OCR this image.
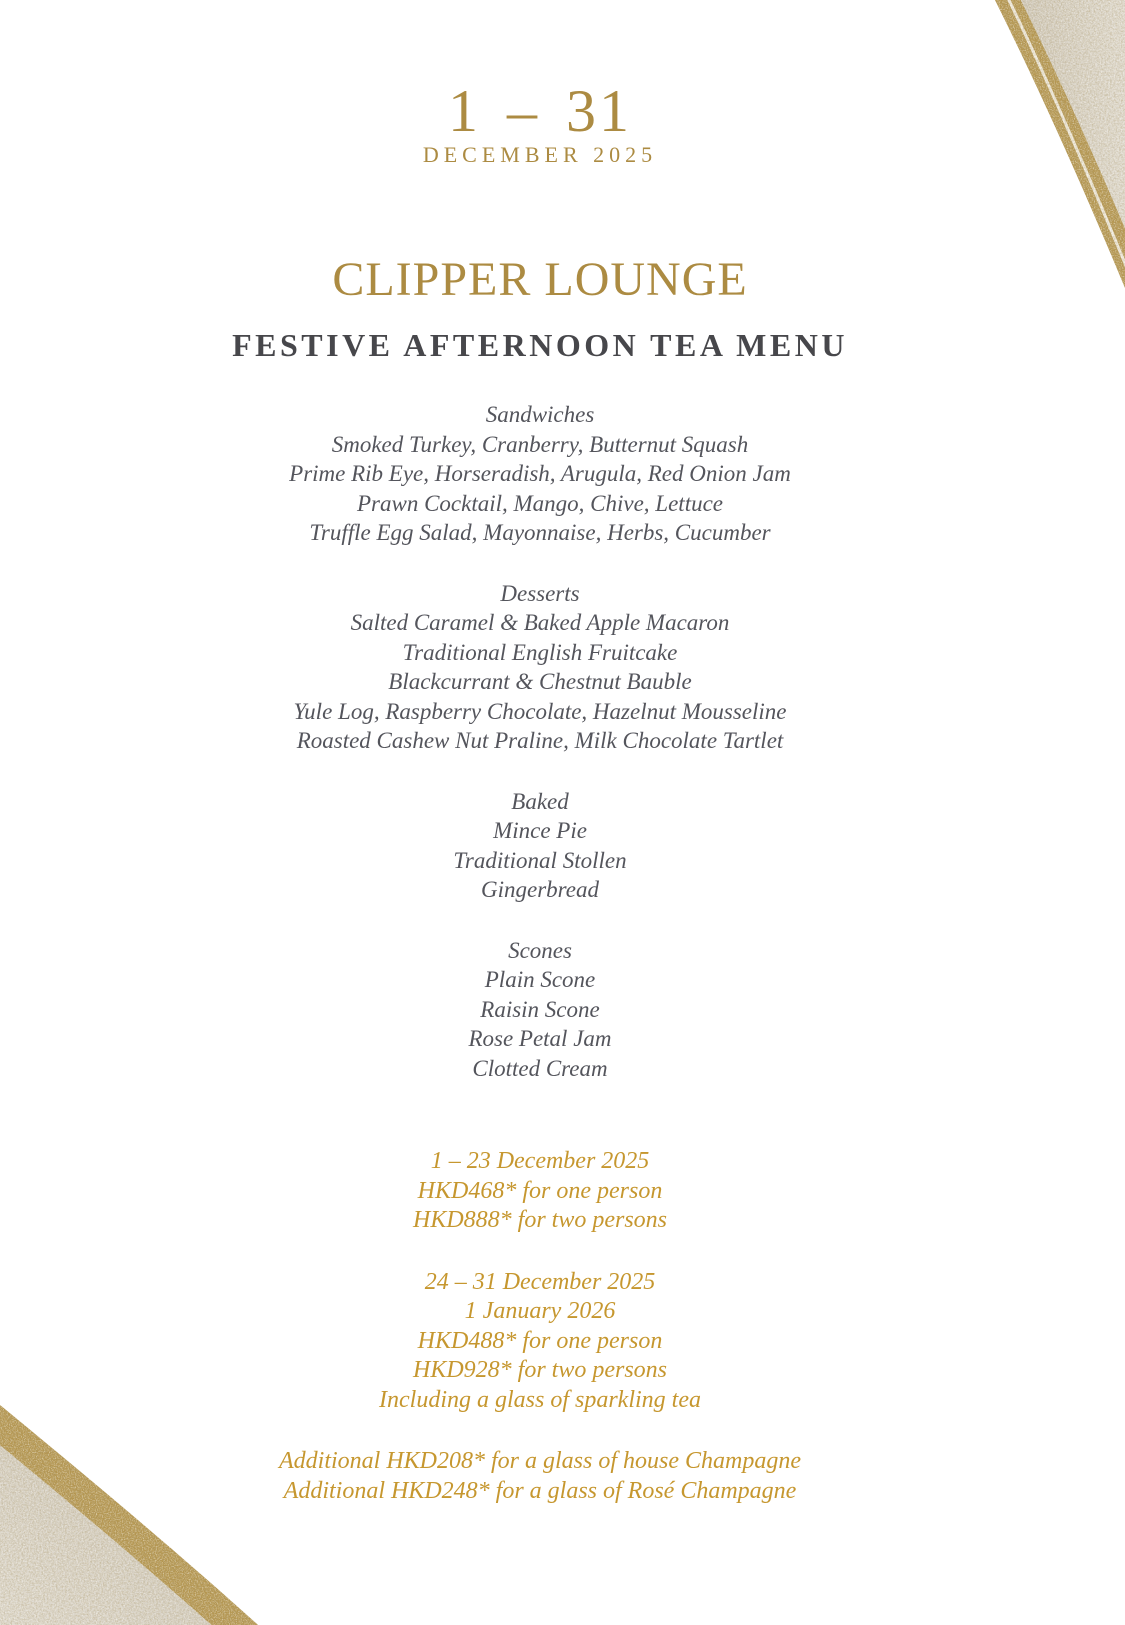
1 – 31
DECEMBER 2025
CLIPPER LOUNGE
FESTIVE AFTERNOON TEA MENU
Sandwiches
Smoked Turkey, Cranberry, Butternut Squash
Prime Rib Eye, Horseradish, Arugula, Red Onion Jam
Prawn Cocktail, Mango, Chive, Lettuce
Truffle Egg Salad, Mayonnaise, Herbs, Cucumber
Desserts
Salted Caramel & Baked Apple Macaron
Traditional English Fruitcake
Blackcurrant & Chestnut Bauble
Yule Log, Raspberry Chocolate, Hazelnut Mousseline
Roasted Cashew Nut Praline, Milk Chocolate Tartlet
Baked
Mince Pie
Traditional Stollen
Gingerbread
Scones
Plain Scone
Raisin Scone
Rose Petal Jam
Clotted Cream
1 – 23 December 2025
HKD468* for one person
HKD888* for two persons
24 – 31 December 2025
1 January 2026
HKD488* for one person
HKD928* for two persons
Including a glass of sparkling tea
Additional HKD208* for a glass of house Champagne
Additional HKD248* for a glass of Rosé Champagne
